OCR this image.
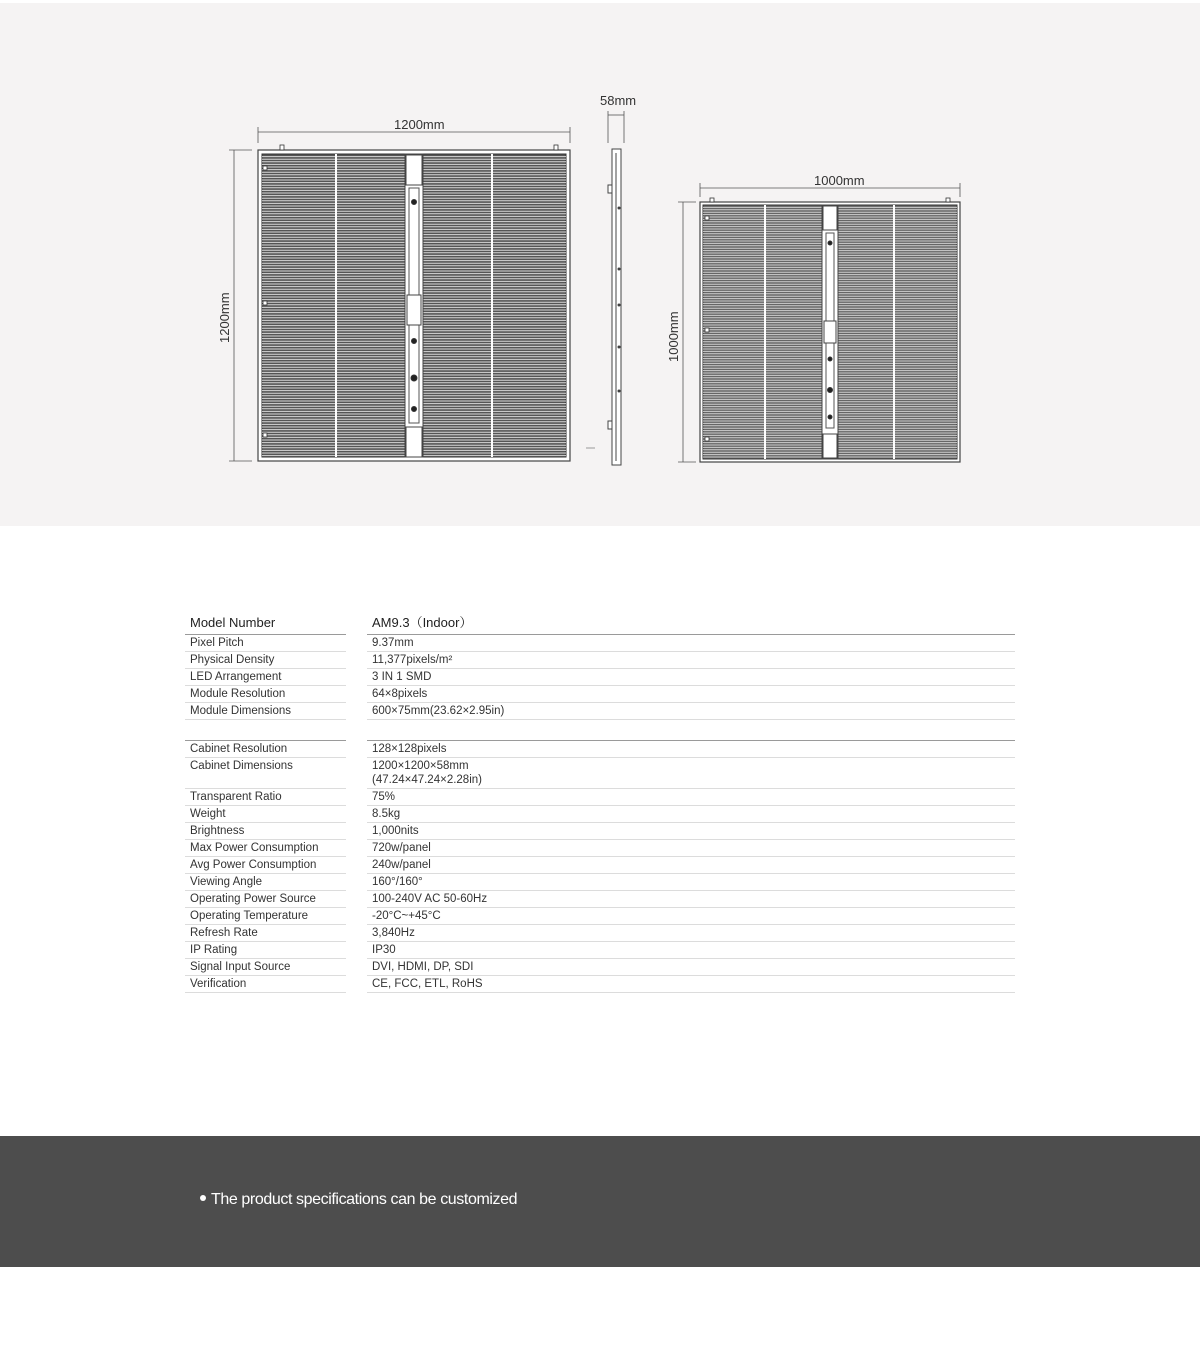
1200mm
1200mm
58mm
1000mm
1000mm
Model Number	AM9.3（Indoor）
Pixel Pitch	9.37mm
Physical Density	11,377pixels/m²
LED Arrangement	3 IN 1 SMD
Module Resolution	64×8pixels
Module Dimensions	600×75mm(23.62×2.95in)
Cabinet Resolution	128×128pixels
Cabinet Dimensions	1200×1200×58mm
(47.24×47.24×2.28in)
Transparent Ratio	75%
Weight	8.5kg
Brightness	1,000nits
Max Power Consumption	720w/panel
Avg Power Consumption	240w/panel
Viewing Angle	160°/160°
Operating Power Source	100-240V AC 50-60Hz
Operating Temperature	-20°C~+45°C
Refresh Rate	3,840Hz
IP Rating	IP30
Signal Input Source	DVI, HDMI, DP, SDI
Verification	CE, FCC, ETL, RoHS
The product specifications can be customized
